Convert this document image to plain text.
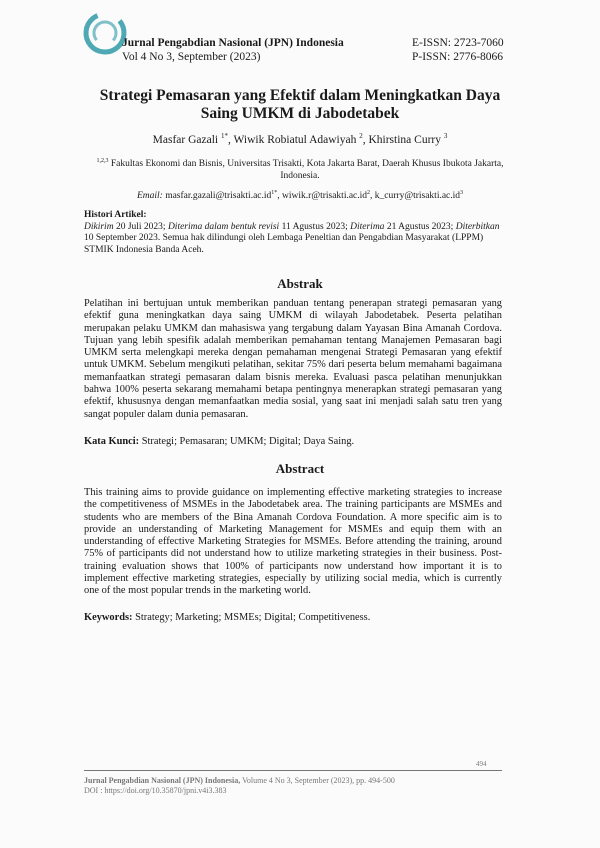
Jurnal Pengabdian Nasional (JPN) Indonesia
Vol 4 No 3, September (2023)
E-ISSN: 2723-7060
P-ISSN: 2776-8066
Strategi Pemasaran yang Efektif dalam Meningkatkan Daya
Saing UMKM di Jabodetabek
Masfar Gazali $^{1*}$, Wiwik Robiatul Adawiyah $^2$, Khirstina Curry $^3$
$^{1,2,3}$ Fakultas Ekonomi dan Bisnis, Universitas Trisakti, Kota Jakarta Barat, Daerah Khusus Ibukota Jakarta,
Indonesia.
Email: $masfar.gazali@trisakti.ac.id^{1*}$, $wiwik.r@trisakti.ac.id^2$, $k\_curry@trisakti.ac.id^3$
Histori Artikel:
Dikirim 20 Juli 2023; Diterima dalam bentuk revisi 11 Agustus 2023; Diterima 21 Agustus 2023; Diterbitkan 10 September 2023. Semua hak dilindungi oleh Lembaga Peneltian dan Pengabdian Masyarakat (LPPM) STMIK Indonesia Banda Aceh.
Abstrak
Pelatihan ini bertujuan untuk memberikan panduan tentang penerapan strategi pemasaran yang efektif guna meningkatkan daya saing UMKM di wilayah Jabodetabek. Peserta pelatihan merupakan pelaku UMKM dan mahasiswa yang tergabung dalam Yayasan Bina Amanah Cordova. Tujuan yang lebih spesifik adalah memberikan pemahaman tentang Manajemen Pemasaran bagi UMKM serta melengkapi mereka dengan pemahaman mengenai Strategi Pemasaran yang efektif untuk UMKM. Sebelum mengikuti pelatihan, sekitar 75% dari peserta belum memahami bagaimana memanfaatkan strategi pemasaran dalam bisnis mereka. Evaluasi pasca pelatihan menunjukkan bahwa 100% peserta sekarang memahami betapa pentingnya menerapkan strategi pemasaran yang efektif, khususnya dengan memanfaatkan media sosial, yang saat ini menjadi salah satu tren yang sangat populer dalam dunia pemasaran.
Kata Kunci: Strategi; Pemasaran; UMKM; Digital; Daya Saing.
Abstract
This training aims to provide guidance on implementing effective marketing strategies to increase the competitiveness of MSMEs in the Jabodetabek area. The training participants are MSMEs and students who are members of the Bina Amanah Cordova Foundation. A more specific aim is to provide an understanding of Marketing Management for MSMEs and equip them with an understanding of effective Marketing Strategies for MSMEs. Before attending the training, around 75% of participants did not understand how to utilize marketing strategies in their business. Post-training evaluation shows that 100% of participants now understand how important it is to implement effective marketing strategies, especially by utilizing social media, which is currently one of the most popular trends in the marketing world.
Keywords: Strategy; Marketing; MSMEs; Digital; Competitiveness.
494
Jurnal Pengabdian Nasional (JPN) Indonesia, Volume 4 No 3, September (2023), pp. 494-500
DOI : https://doi.org/10.35870/jpni.v4i3.383
